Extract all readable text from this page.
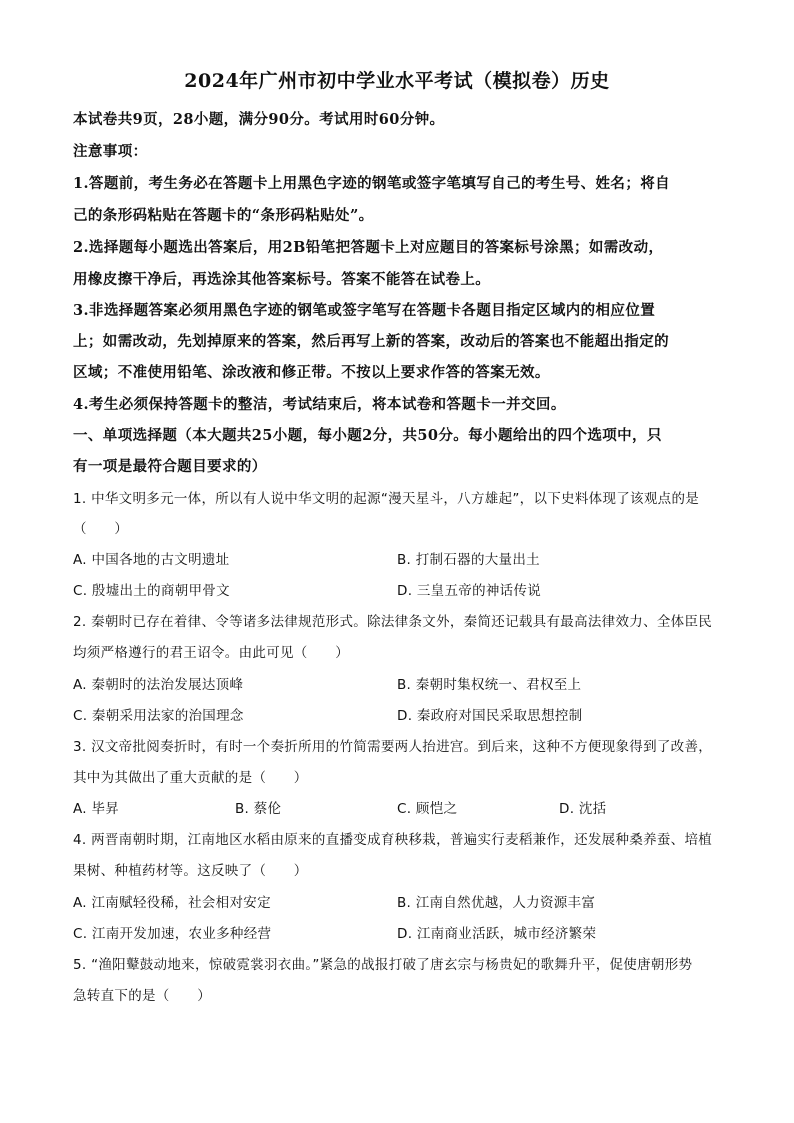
2024年广州市初中学业水平考试（模拟卷）历史
本试卷共9页，28小题，满分90分。考试用时60分钟。
注意事项：
1.答题前，考生务必在答题卡上用黑色字迹的钢笔或签字笔填写自己的考生号、姓名；将自
己的条形码粘贴在答题卡的“条形码粘贴处”。
2.选择题每小题选出答案后，用2B铅笔把答题卡上对应题目的答案标号涂黑；如需改动，
用橡皮擦干净后，再选涂其他答案标号。答案不能答在试卷上。
3.非选择题答案必须用黑色字迹的钢笔或签字笔写在答题卡各题目指定区域内的相应位置
上；如需改动，先划掉原来的答案，然后再写上新的答案，改动后的答案也不能超出指定的
区域；不准使用铅笔、涂改液和修正带。不按以上要求作答的答案无效。
4.考生必须保持答题卡的整洁，考试结束后，将本试卷和答题卡一并交回。
一、单项选择题（本大题共25小题，每小题2分，共50分。每小题给出的四个选项中，只
有一项是最符合题目要求的）
1. 中华文明多元一体，所以有人说中华文明的起源“漫天星斗，八方雄起”，以下史料体现了该观点的是
（　　）
A. 中国各地的古文明遗址	B. 打制石器的大量出土
C. 殷墟出土的商朝甲骨文	D. 三皇五帝的神话传说
2. 秦朝时已存在着律、令等诸多法律规范形式。除法律条文外，秦简还记载具有最高法律效力、全体臣民
均须严格遵行的君王诏令。由此可见（　　）
A. 秦朝时的法治发展达顶峰	B. 秦朝时集权统一、君权至上
C. 秦朝采用法家的治国理念	D. 秦政府对国民采取思想控制
3. 汉文帝批阅奏折时，有时一个奏折所用的竹简需要两人抬进宫。到后来，这种不方便现象得到了改善，
其中为其做出了重大贡献的是（　　）
A. 毕昇	B. 蔡伦	C. 顾恺之	D. 沈括
4. 两晋南朝时期，江南地区水稻由原来的直播变成育秧移栽，普遍实行麦稻兼作，还发展种桑养蚕、培植
果树、种植药材等。这反映了（　　）
A. 江南赋轻役稀，社会相对安定	B. 江南自然优越，人力资源丰富
C. 江南开发加速，农业多种经营	D. 江南商业活跃，城市经济繁荣
5. “渔阳鼙鼓动地来，惊破霓裳羽衣曲。”紧急的战报打破了唐玄宗与杨贵妃的歌舞升平，促使唐朝形势
急转直下的是（　　）
